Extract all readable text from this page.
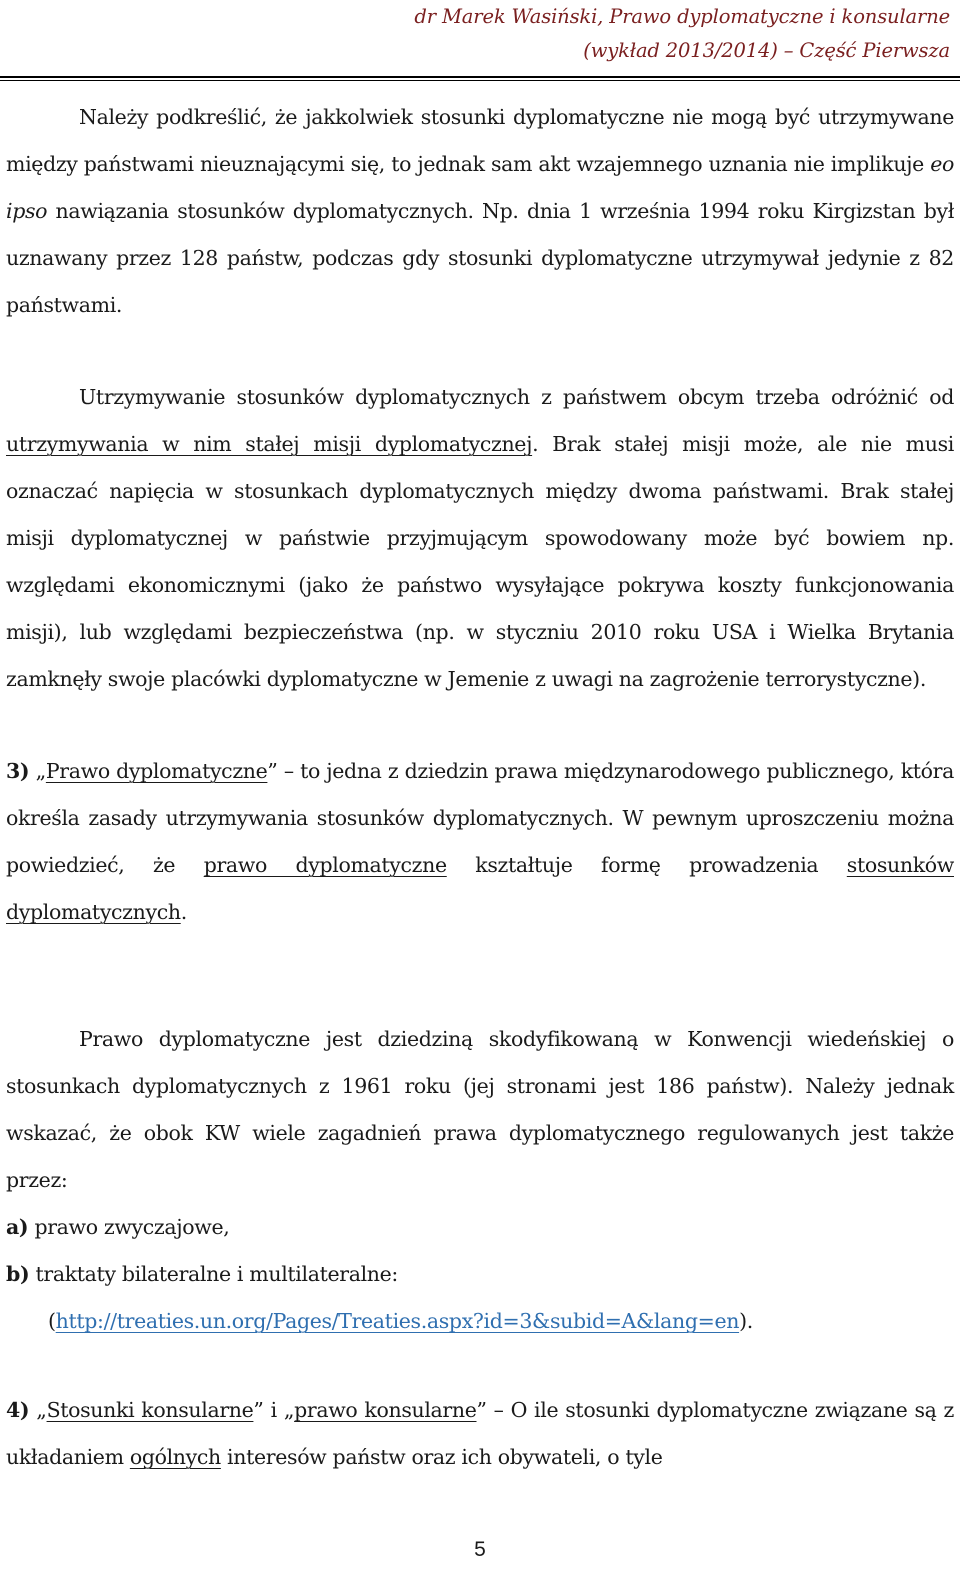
dr Marek Wasiński, Prawo dyplomatyczne i konsularne
(wykład 2013/2014) – Część Pierwsza

Należy podkreślić, że jakkolwiek stosunki dyplomatyczne nie mogą być utrzymywane między państwami nieuznającymi się, to jednak sam akt wzajemnego uznania nie implikuje eo ipso nawiązania stosunków dyplomatycznych. Np. dnia 1 września 1994 roku Kirgizstan był uznawany przez 128 państw, podczas gdy stosunki dyplomatyczne utrzymywał jedynie z 82 państwami.

Utrzymywanie stosunków dyplomatycznych z państwem obcym trzeba odróżnić od utrzymywania w nim stałej misji dyplomatycznej. Brak stałej misji może, ale nie musi oznaczać napięcia w stosunkach dyplomatycznych między dwoma państwami. Brak stałej misji dyplomatycznej w państwie przyjmującym spowodowany może być bowiem np. względami ekonomicznymi (jako że państwo wysyłające pokrywa koszty funkcjonowania misji), lub względami bezpieczeństwa (np. w styczniu 2010 roku USA i Wielka Brytania zamknęły swoje placówki dyplomatyczne w Jemenie z uwagi na zagrożenie terrorystyczne).

3) „Prawo dyplomatyczne” – to jedna z dziedzin prawa międzynarodowego publicznego, która określa zasady utrzymywania stosunków dyplomatycznych. W pewnym uproszczeniu można powiedzieć, że prawo dyplomatyczne kształtuje formę prowadzenia stosunków dyplomatycznych.

Prawo dyplomatyczne jest dziedziną skodyfikowaną w Konwencji wiedeńskiej o stosunkach dyplomatycznych z 1961 roku (jej stronami jest 186 państw). Należy jednak wskazać, że obok KW wiele zagadnień prawa dyplomatycznego regulowanych jest także przez:

a) prawo zwyczajowe,

b) traktaty bilateralne i multilateralne:

(http://treaties.un.org/Pages/Treaties.aspx?id=3&subid=A&lang=en).

4) „Stosunki konsularne” i „prawo konsularne” – O ile stosunki dyplomatyczne związane są z układaniem ogólnych interesów państw oraz ich obywateli, o tyle

5
